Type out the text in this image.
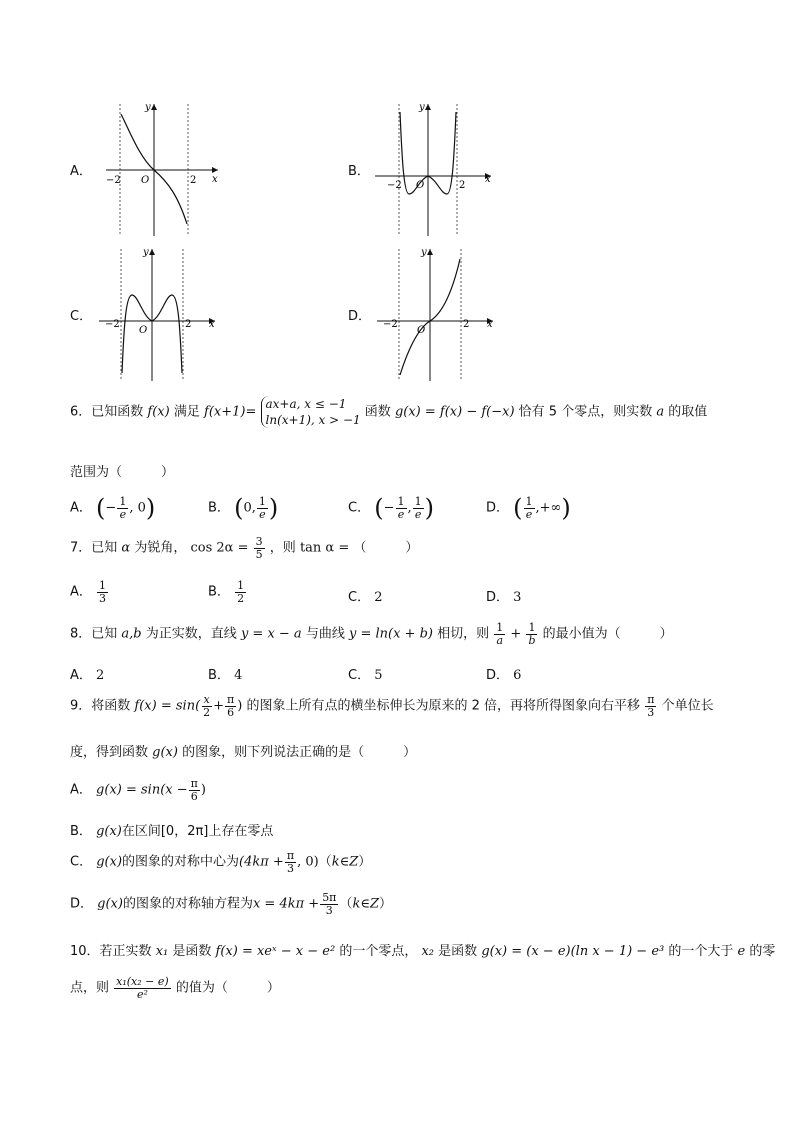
A．
−2 O	2 x
y
B．
−2 O	2
x
y
C．
−2
O
2 x
y
D．
−2
O
2 x
y
6．已知函数 f(x) 满足 f(x+1)= ax+a, x ≤ −1
ln(x+1), x > −1 函数 g(x) = f(x) − f(−x) 恰有 5 个零点，则实数 a 的取值
范围为（　　　）
A． (− $\frac{1}{e}$ , 0)	B． (0, $\frac{1}{e}$ )	C． (− $\frac{1}{e}$ , $\frac{1}{e}$ )	D． ( $\frac{1}{e}$ ,+∞)
7．已知 α 为锐角， $\cos 2\alpha = \frac{3}{5}$ ，则 tan α = （　　　）
A． $\frac{1}{3}$	B． $\frac{1}{2}$	C． 2	D． 3
8．已知 a,b 为正实数，直线 y = x − a 与曲线 y = ln(x + b) 相切，则 $\frac{1}{a} + \frac{1}{b}$ 的最小值为（　　　）
A． 2	B． 4	C． 5	D． 6
9．将函数 $f(x) = \sin( \frac{x}{2} + \frac{\pi}{6}$ ) 的图象上所有点的横坐标伸长为原来的 2 倍，再将所得图象向右平移 $\frac{\pi}{3}$ 个单位长
度，得到函数 g(x) 的图象，则下列说法正确的是（　　　）
A． $g(x) = \sin(x - \frac{\pi}{6}$ )
B． g(x)在区间[0，2π]上存在零点
C． g(x)的图象的对称中心为($4k\pi + \frac{\pi}{3}$ , 0)（k∈Z）
D． g(x)的图象的对称轴方程为$x = 4k\pi + \frac{5\pi}{3}$ （k∈Z）
10．若正实数 x₁ 是函数 f(x) = xeˣ − x − e² 的一个零点， x₂ 是函数 g(x) = (x − e)(ln x − 1) − e³ 的一个大于 e 的零
点，则 $\frac{\text{x₁(x₂ − e)}}{\text{e²}}$ 的值为（　　　）
